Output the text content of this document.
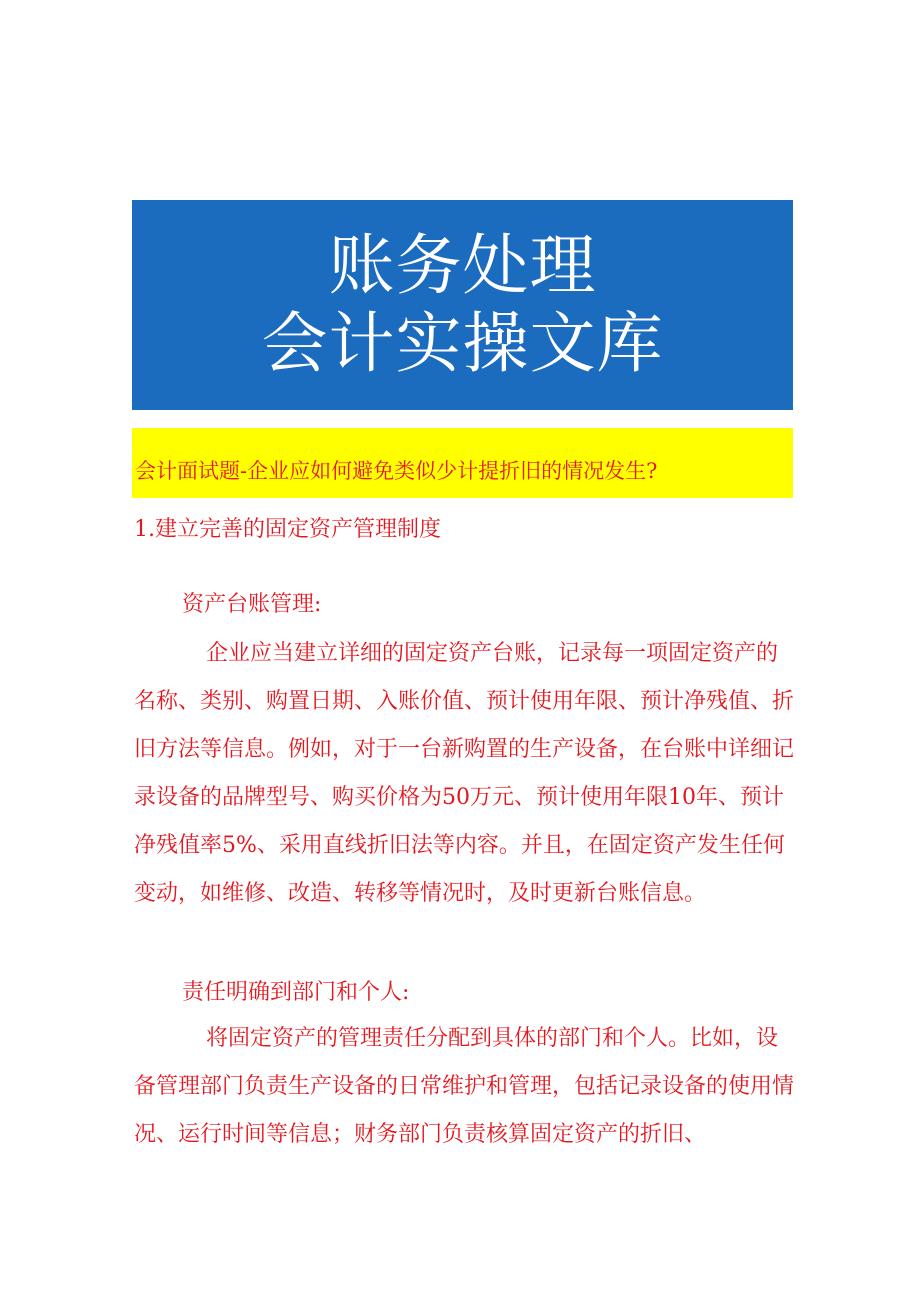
账务处理
会计实操文库
会计面试题-企业应如何避免类似少计提折旧的情况发生?
1.建立完善的固定资产管理制度
资产台账管理:

企业应当建立详细的固定资产台账，记录每一项固定资产的名称、类别、购置日期、入账价值、预计使用年限、预计净残值、折旧方法等信息。例如，对于一台新购置的生产设备，在台账中详细记录设备的品牌型号、购买价格为50万元、预计使用年限10年、预计净残值率5%、采用直线折旧法等内容。并且，在固定资产发生任何变动，如维修、改造、转移等情况时，及时更新台账信息。

责任明确到部门和个人:

将固定资产的管理责任分配到具体的部门和个人。比如，设备管理部门负责生产设备的日常维护和管理，包括记录设备的使用情况、运行时间等信息；财务部门负责核算固定资产的折旧、
